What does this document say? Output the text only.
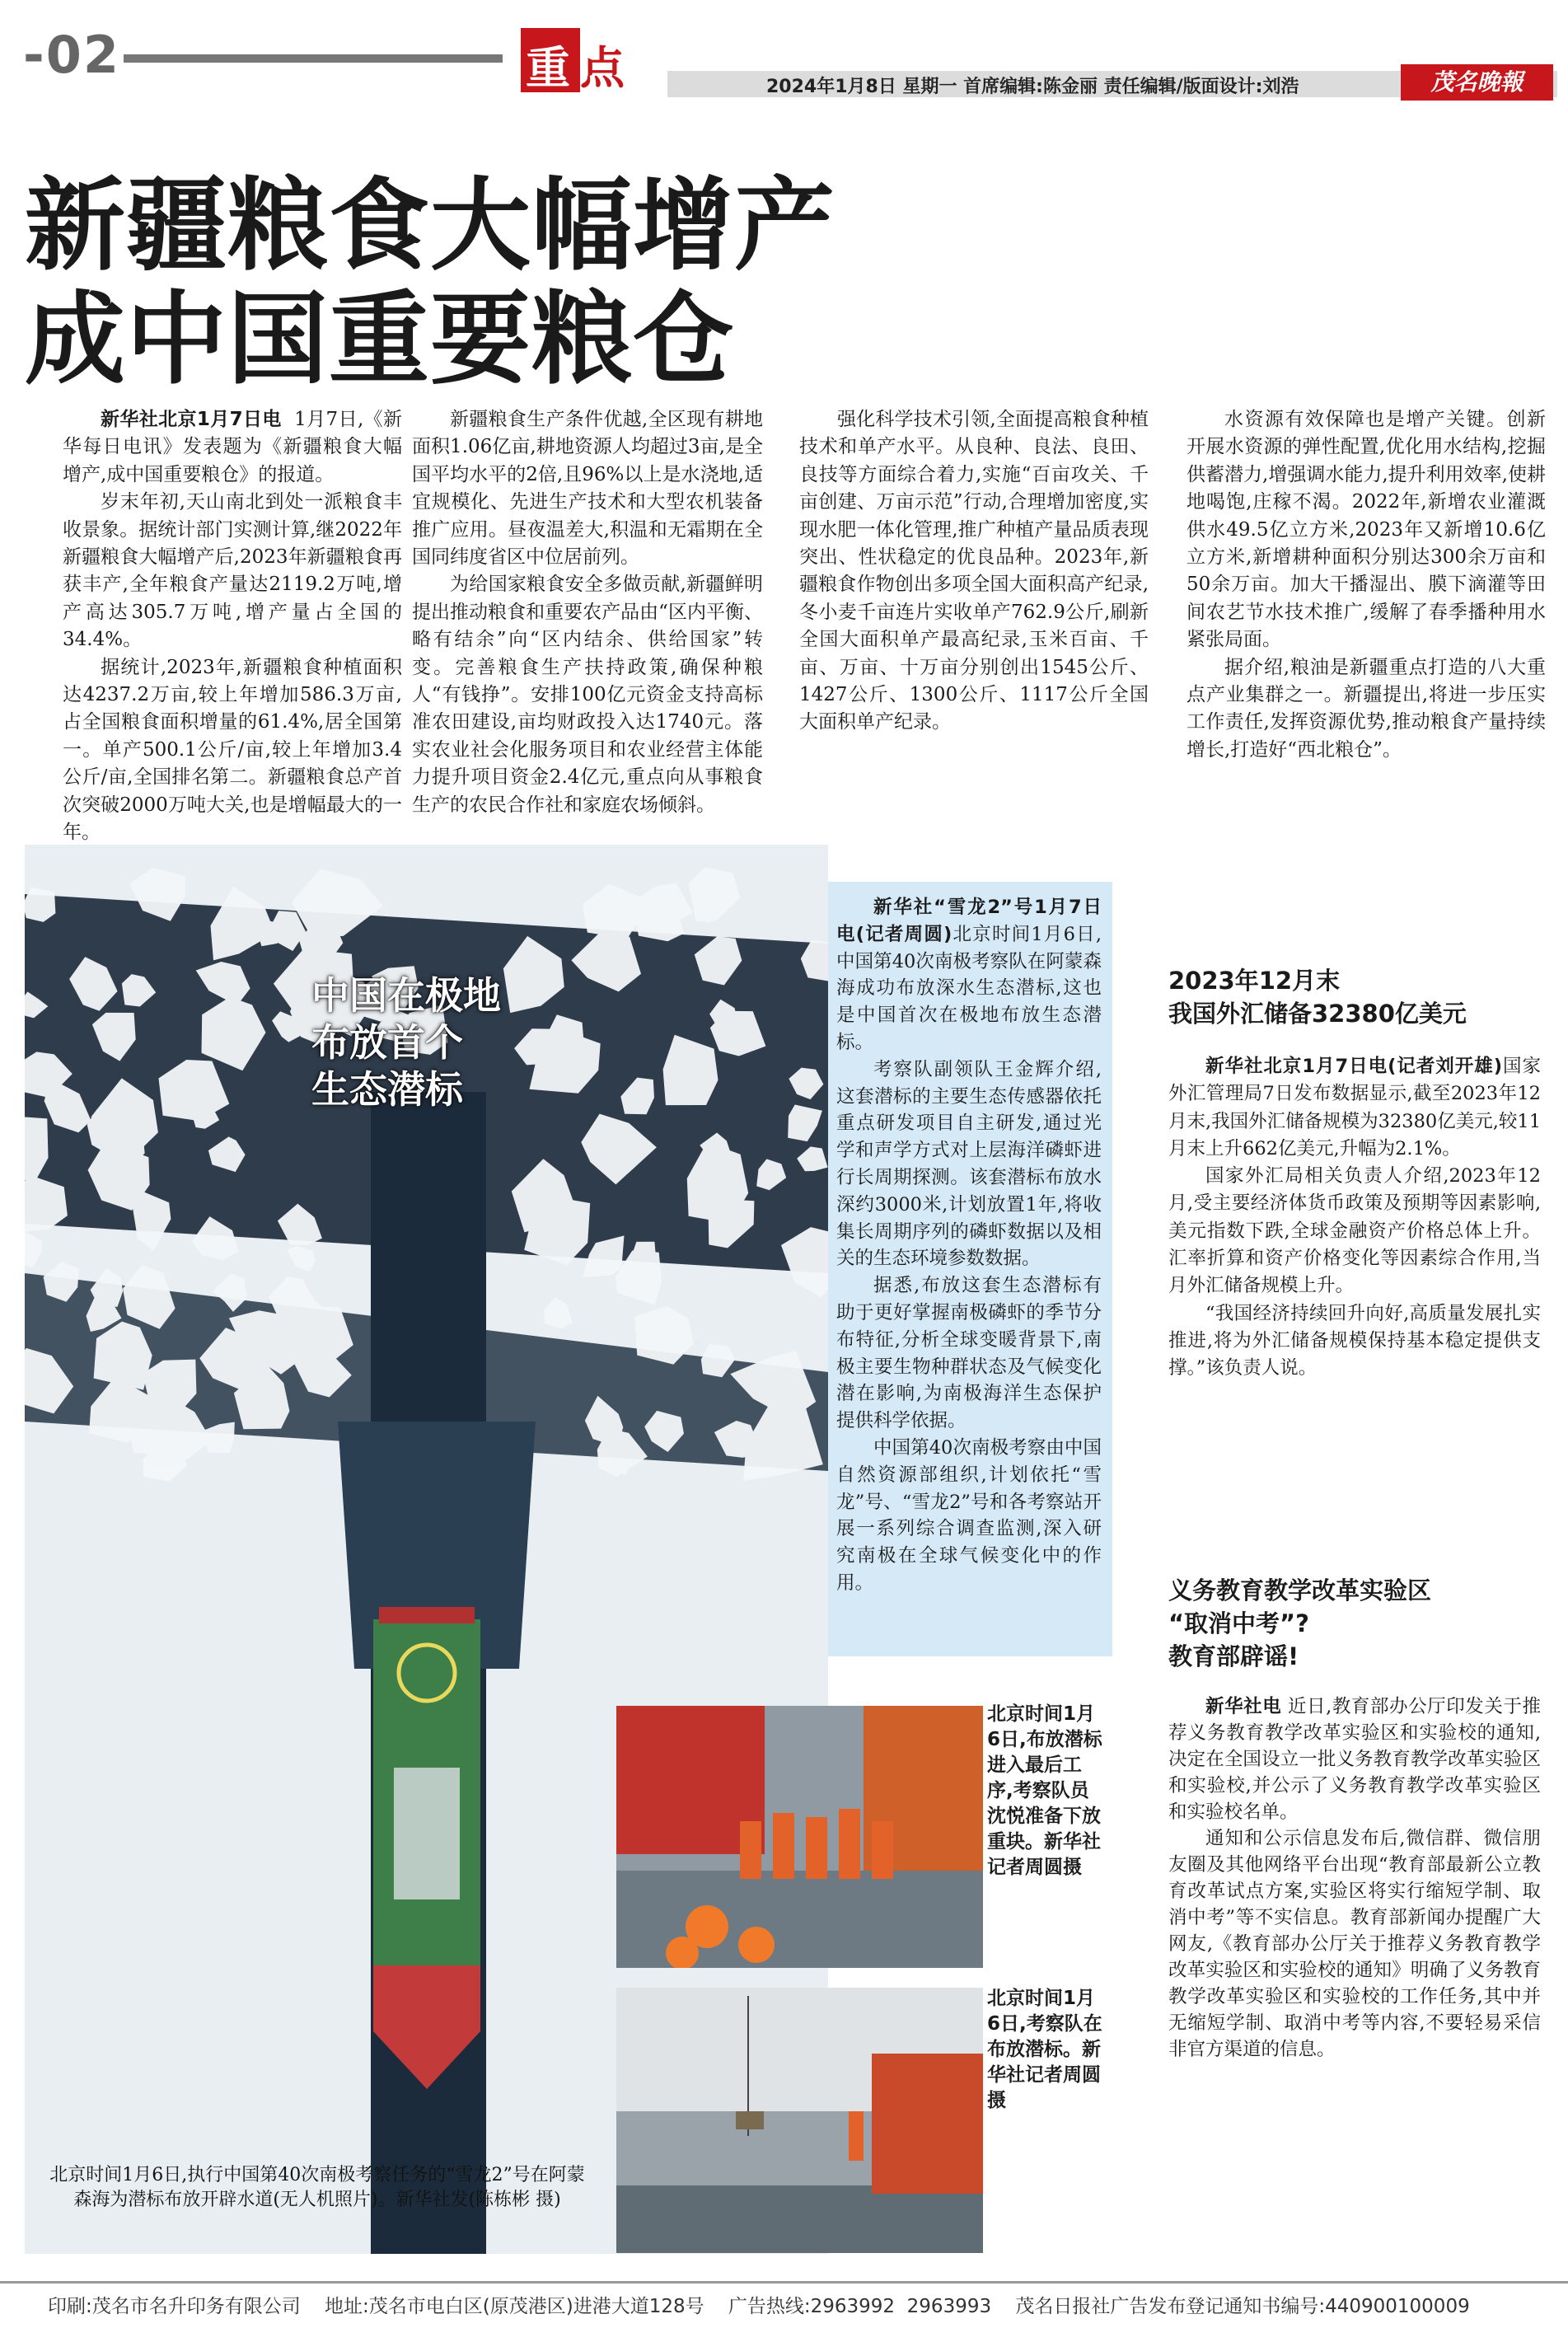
-02	重 点	2024年1月8日 星期一 首席编辑:陈金丽 责任编辑/版面设计:刘浩	茂名晚報
新疆粮食大幅增产
成中国重要粮仓

新华社北京1月7日电 1月7日,《新华每日电讯》发表题为《新疆粮食大幅增产,成中国重要粮仓》的报道。

岁末年初,天山南北到处一派粮食丰收景象。据统计部门实测计算,继2022年新疆粮食大幅增产后,2023年新疆粮食再获丰产,全年粮食产量达2119.2万吨,增产高达305.7万吨,增产量占全国的34.4%。

据统计,2023年,新疆粮食种植面积达4237.2万亩,较上年增加586.3万亩,占全国粮食面积增量的61.4%,居全国第一。单产500.1公斤/亩,较上年增加3.4公斤/亩,全国排名第二。新疆粮食总产首次突破2000万吨大关,也是增幅最大的一年。

新疆粮食生产条件优越,全区现有耕地面积1.06亿亩,耕地资源人均超过3亩,是全国平均水平的2倍,且96%以上是水浇地,适宜规模化、先进生产技术和大型农机装备推广应用。昼夜温差大,积温和无霜期在全国同纬度省区中位居前列。

为给国家粮食安全多做贡献,新疆鲜明提出推动粮食和重要农产品由“区内平衡、略有结余”向“区内结余、供给国家”转变。完善粮食生产扶持政策,确保种粮人“有钱挣”。安排100亿元资金支持高标准农田建设,亩均财政投入达1740元。落实农业社会化服务项目和农业经营主体能力提升项目资金2.4亿元,重点向从事粮食生产的农民合作社和家庭农场倾斜。

强化科学技术引领,全面提高粮食种植技术和单产水平。从良种、良法、良田、良技等方面综合着力,实施“百亩攻关、千亩创建、万亩示范”行动,合理增加密度,实现水肥一体化管理,推广种植产量品质表现突出、性状稳定的优良品种。2023年,新疆粮食作物创出多项全国大面积高产纪录,冬小麦千亩连片实收单产762.9公斤,刷新全国大面积单产最高纪录,玉米百亩、千亩、万亩、十万亩分别创出1545公斤、1427公斤、1300公斤、1117公斤全国大面积单产纪录。

水资源有效保障也是增产关键。创新开展水资源的弹性配置,优化用水结构,挖掘供蓄潜力,增强调水能力,提升利用效率,使耕地喝饱,庄稼不渴。2022年,新增农业灌溉供水49.5亿立方米,2023年又新增10.6亿立方米,新增耕种面积分别达300余万亩和50余万亩。加大干播湿出、膜下滴灌等田间农艺节水技术推广,缓解了春季播种用水紧张局面。

据介绍,粮油是新疆重点打造的八大重点产业集群之一。新疆提出,将进一步压实工作责任,发挥资源优势,推动粮食产量持续增长,打造好“西北粮仓”。

中国在极地
布放首个
生态潜标

新华社“雪龙2”号1月7日电(记者周圆)北京时间1月6日,中国第40次南极考察队在阿蒙森海成功布放深水生态潜标,这也是中国首次在极地布放生态潜标。

考察队副领队王金辉介绍,这套潜标的主要生态传感器依托重点研发项目自主研发,通过光学和声学方式对上层海洋磷虾进行长周期探测。该套潜标布放水深约3000米,计划放置1年,将收集长周期序列的磷虾数据以及相关的生态环境参数数据。

据悉,布放这套生态潜标有助于更好掌握南极磷虾的季节分布特征,分析全球变暖背景下,南极主要生物种群状态及气候变化潜在影响,为南极海洋生态保护提供科学依据。

中国第40次南极考察由中国自然资源部组织,计划依托“雪龙”号、“雪龙2”号和各考察站开展一系列综合调查监测,深入研究南极在全球气候变化中的作用。

北京时间1月6日,布放潜标进入最后工序,考察队员沈悦准备下放重块。新华社记者周圆摄
北京时间1月6日,考察队在布放潜标。新华社记者周圆摄
北京时间1月6日,执行中国第40次南极考察任务的“雪龙2”号在阿蒙森海为潜标布放开辟水道(无人机照片)。新华社发(陈栋彬 摄)
2023年12月末
我国外汇储备32380亿美元

新华社北京1月7日电(记者刘开雄)国家外汇管理局7日发布数据显示,截至2023年12月末,我国外汇储备规模为32380亿美元,较11月末上升662亿美元,升幅为2.1%。

国家外汇局相关负责人介绍,2023年12月,受主要经济体货币政策及预期等因素影响,美元指数下跌,全球金融资产价格总体上升。汇率折算和资产价格变化等因素综合作用,当月外汇储备规模上升。

“我国经济持续回升向好,高质量发展扎实推进,将为外汇储备规模保持基本稳定提供支撑。”该负责人说。

义务教育教学改革实验区
“取消中考”?
教育部辟谣!

新华社电 近日,教育部办公厅印发关于推荐义务教育教学改革实验区和实验校的通知,决定在全国设立一批义务教育教学改革实验区和实验校,并公示了义务教育教学改革实验区和实验校名单。

通知和公示信息发布后,微信群、微信朋友圈及其他网络平台出现“教育部最新公立教育改革试点方案,实验区将实行缩短学制、取消中考”等不实信息。教育部新闻办提醒广大网友,《教育部办公厅关于推荐义务教育教学改革实验区和实验校的通知》明确了义务教育教学改革实验区和实验校的工作任务,其中并无缩短学制、取消中考等内容,不要轻易采信非官方渠道的信息。

印刷:茂名市名升印务有限公司 地址:茂名市电白区(原茂港区)进港大道128号 广告热线:2963992  2963993 茂名日报社广告发布登记通知书编号:440900100009
